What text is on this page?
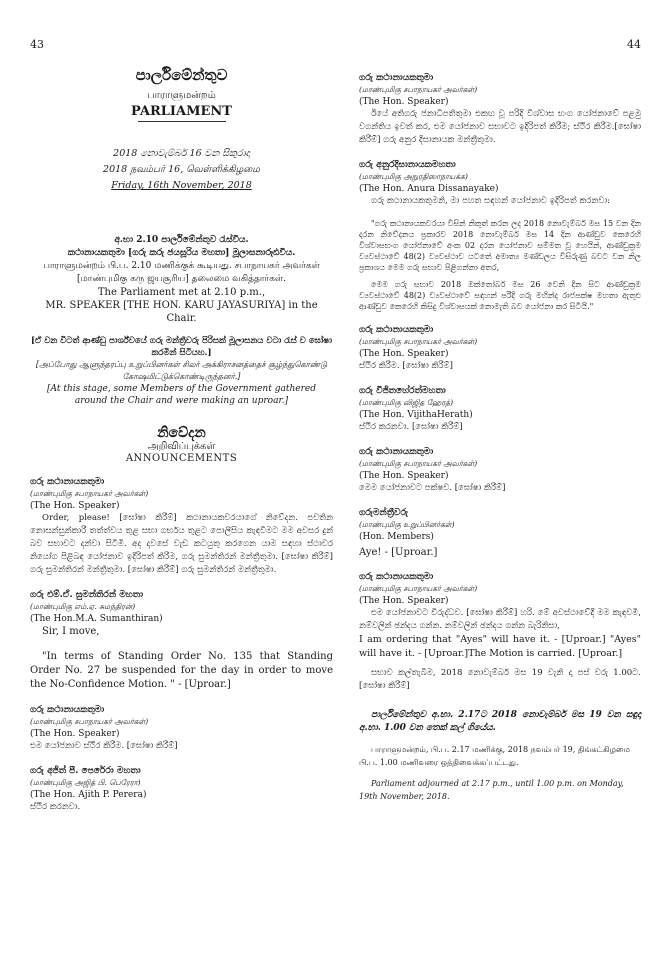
43	44

පාර්ලිමේන්තුව

பாராளுமன்றம்

PARLIAMENT

2018 නොවැම්බර් 16 වන සිකුරාදා
2018 நவம்பர் 16, வெள்ளிக்கிழமை
Friday, 16th November, 2018
අ.භා 2.10 පාර්ලිමේන්තුව රැස්විය.
කථානායකතුමා [ගරු කරු ජයසූරිය මහතා] මූලාසනාරූඪවිය.
பாராளுமன்றம் பி.ப. 2.10 மணிக்குக் கூடியது. சபாநாயகர் அவர்கள் [மாண்புமிகு கரு ஜயசூரிய] தலைமை வகித்தார்கள்.
The Parliament met at 2.10 p.m.,
MR. SPEAKER [THE HON. KARU JAYASURIYA] in the Chair.
[ඒ වන විටත් ආණ්ඩු පාර්ශ්වයේ ගරු මන්ත්‍රීවරු පිරිසක් මූලාසනය වටා රැස් ව ඝෝෂා කරමින් සිටියහ.]
[அப்போது ஆளுந்தரப்பு உறுப்பினர்கள் சிலர் அக்கிராசனத்தைச் சூழ்ந்துகொண்டு கோஷமிட்டுக்கொண்டிருந்தனர்.]
[At this stage, some Members of the Government gathered around the Chair and were making an uproar.]
නිවේදන
அறிவிப்புக்கள்
ANNOUNCEMENTS
ගරු කථානායකතුමා
(மாண்புமிகு சபாநாயகர் அவர்கள்)
(The Hon. Speaker)
Order, please! [ඝෝෂා කිරීම්] කථානායකවරයාගේ නිවේදන. පවතින නොසන්සුන්කාරී තත්ත්වය තුළ සභා ගර්භය තුළට පොලීසිය කැඳවීමට මම අවසර දුන් බව සභාවට දන්වා සිටිමි. අද දවසේ වැඩ කටයුතු කරගෙන යාම සඳහා ස්ථාවර නියෝග පිළිබඳ යෝජනාව ඉදිරිපත් කිරීම, ගරු සුමන්තිරන් මන්ත්‍රීතුමා. [ඝෝෂා කිරීම්] ගරු සුමන්තිරන් මන්ත්‍රීතුමා. [ඝෝෂා කිරීම්] ගරු සුමන්තිරන් මන්ත්‍රීතුමා.
ගරු එම්.ඒ. සුමන්තිරන් මහතා
(மாண்புமிகு எம்.ஏ. சுமந்திரன்)
(The Hon.M.A. Sumanthiran)
Sir, I move,
"In terms of Standing Order No. 135 that Standing Order No. 27 be suspended for the day in order to move the No-Confidence Motion. " - [Uproar.]
ගරු කථානායකතුමා
(மாண்புமிகு சபாநாயகர் அவர்கள்)
(The Hon. Speaker)
එම යෝජනාව ස්ථිර කිරීම. [ඝෝෂා කිරීම්]
ගරු අජිත් පී. පෙරේරා මහතා
(மாண்புமிகு அஜித் பி. பெரேரா)
(The Hon. Ajith P. Perera)
ස්ථිර කරනවා.
ගරු කථානායකතුමා
(மாண்புமிகு சபாநாயகர் அவர்கள்)
(The Hon. Speaker)
ඊයේ අතිගරු ජනාධිපතිතුමා එකඟ වූ පරිදි විශ්වාස භංග යෝජනාවේ පළමු වගන්තිය ඉවත් කර, එම යෝජනාව සභාවට ඉදිරිපත් කිරීම; ස්ථිර කිරීම.[ඝෝෂා කිරීම්] ගරු අනුර දිසානායක මන්ත්‍රීතුමා.
ගරු අනුරදිසානායකමහතා
(மாண்புமிகு அநுரதிஸாநாயக்க)
(The Hon. Anura Dissanayake)
ගරු කථානායකතුමනි, මා පහත සඳහන් යෝජනාව ඉදිරිපත් කරනවා:
"ගරු කථානායකවරයා විසින් නිකුත් කරන ලද 2018 නොවැම්බර් මස 15 වන දින දරන නිවේදනය ප්‍රකාරව 2018 නොවැම්බර් මස 14 දින ආණ්ඩුව කෙරෙහි විශ්වාසභංග යෝජනාවේ අංක 02 දරන යෝජනාව සම්මත වූ හෙයින්, ආණ්ඩුක්‍රම ව්‍යවස්ථාවේ 48(2) ව්‍යවස්ථාව යටතේ අමාත්‍ය මණ්ඩලය විසිරුණු බවට වන නිල ප්‍රකාශය මෙම ගරු සභාව පිළිගන්නා අතර,
මෙම ගරු සභාව 2018 ඔක්තෝබර් මස 26 වෙනි දින සිට ආණ්ඩුක්‍රම ව්‍යවස්ථාවේ 48(2) ව්‍යවස්ථාවේ සඳහන් පරිදි ගරු මහින්ද රාජපක්ෂ මහතා ඇතුළු ආණ්ඩුව කෙරෙහි කිසිදු විශ්වාසයක් නොමැති බව යෝජනා කර සිටියි."
ගරු කථානායකතුමා
(மாண்புமிகு சபாநாயகர் அவர்கள்)
(The Hon. Speaker)
ස්ථිර කිරීම. [ඝෝෂා කිරීම්]
ගරු විජිතහේරත්මහතා
(மாண்புமிகு விஜித ஹேரத்)
(The Hon. VijithaHerath)
ස්ථිර කරනවා. [ඝෝෂා කිරීම්]
ගරු කථානායකතුමා
(மாண்புமிகு சபாநாயகர் அவர்கள்)
(The Hon. Speaker)
මෙම යෝජනාවට පක්ෂව. [ඝෝෂා කිරීම්]
ගරුමන්ත්‍රීවරු
(மாண்புமிகு உறுப்பினர்கள்)
(Hon. Members)
Aye! - [Uproar.]
ගරු කථානායකතුමා
(மாண்புமிகு சபாநாயகர் அவர்கள்)
(The Hon. Speaker)
එම යෝජනාවට විරුද්ධව. [ඝෝෂා කිරීම්] හරි. මේ අවස්ථාවේදී මම කැඳවමි, නම්වලින් ඡන්දය ගන්න. නම්වලින් ඡන්දය ගන්න බැරිනිසා,
I am ordering that "Ayes" will have it. - [Uproar.] "Ayes" will have it. - [Uproar.]The Motion is carried. [Uproar.]
සභාව කල්තැබීම, 2018 නොවැම්බර් මස 19 වැනි දා පස් වරු 1.00ට. [ඝෝෂා කිරීම්]
පාර්ලිමේන්තුව අ.භා. 2.17ට 2018 නොවැම්බර් මස 19 වන සඳුදා අ.භා. 1.00 වන තෙක් කල් ගියේය.
பாராளுமன்றம், பி.ப. 2.17 மணிக்கு, 2018 நவம்பர் 19, திங்கட்கிழமை பி.ப. 1.00 மணிவரை ஒத்திவைக்கப்பட்டது.
Parliament adjourned at 2.17 p.m., until 1.00 p.m. on Monday, 19th November, 2018.
